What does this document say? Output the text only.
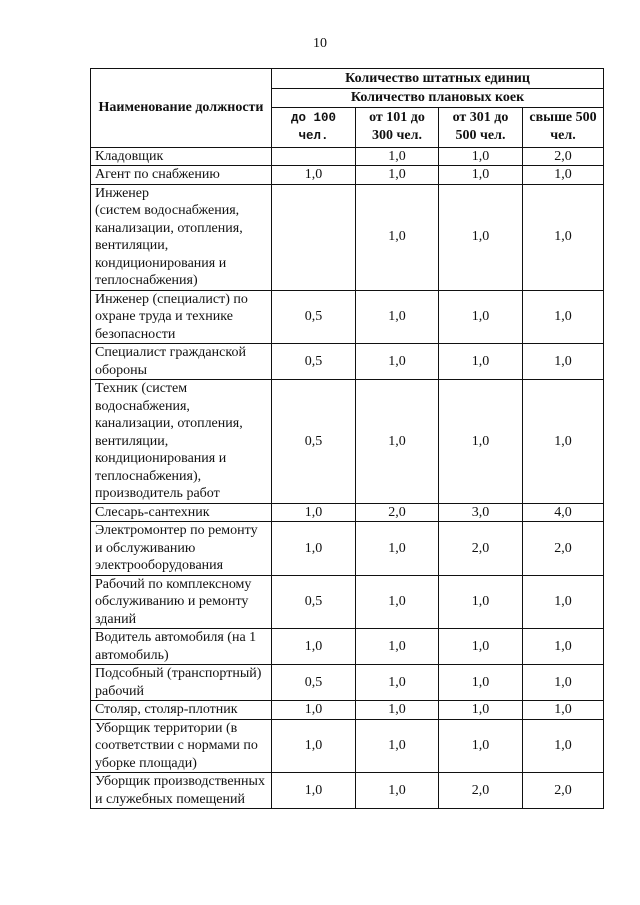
10
Наименование должности	Количество штатных единиц			
	Количество плановых коек			
	до 100 чел.	от 101 до 300 чел.	от 301 до 500 чел.	свыше 500 чел.
Кладовщик		1,0	1,0	2,0
Агент по снабжению	1,0	1,0	1,0	1,0
Инженер
(систем водоснабжения, канализации, отопления, вентиляции, кондиционирования и теплоснабжения)		1,0	1,0	1,0
Инженер (специалист) по охране труда и технике безопасности	0,5	1,0	1,0	1,0
Специалист гражданской обороны	0,5	1,0	1,0	1,0
Техник (систем водоснабжения, канализации, отопления, вентиляции, кондиционирования и теплоснабжения), производитель работ	0,5	1,0	1,0	1,0
Слесарь-сантехник	1,0	2,0	3,0	4,0
Электромонтер по ремонту и обслуживанию электрооборудования	1,0	1,0	2,0	2,0
Рабочий по комплексному обслуживанию и ремонту зданий	0,5	1,0	1,0	1,0
Водитель автомобиля (на 1 автомобиль)	1,0	1,0	1,0	1,0
Подсобный (транспортный) рабочий	0,5	1,0	1,0	1,0
Столяр, столяр-плотник	1,0	1,0	1,0	1,0
Уборщик территории (в соответствии с нормами по уборке площади)	1,0	1,0	1,0	1,0
Уборщик производственных и служебных помещений	1,0	1,0	2,0	2,0
